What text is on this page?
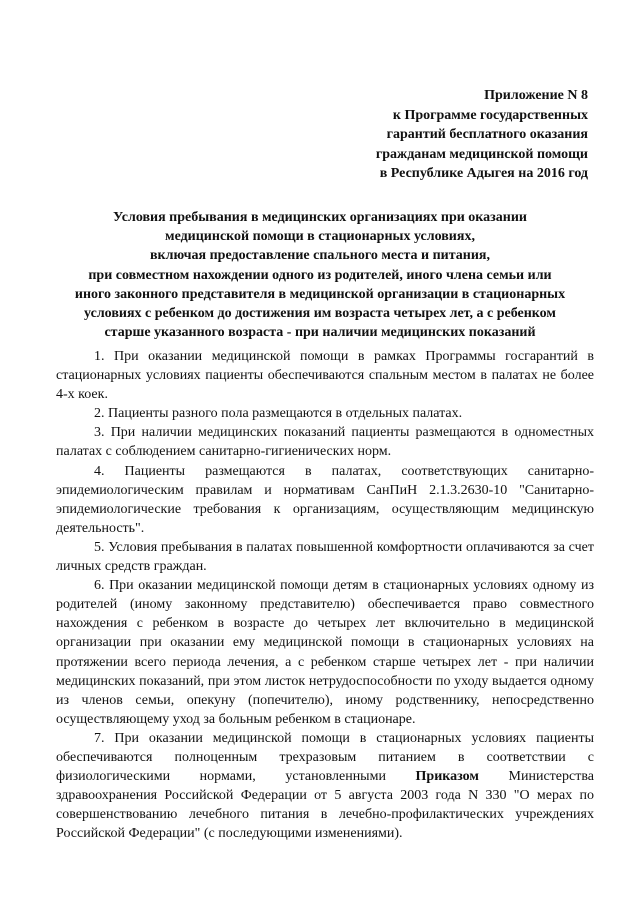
Приложение N 8
к Программе государственных
гарантий бесплатного оказания
гражданам медицинской помощи
в Республике Адыгея на 2016 год
Условия пребывания в медицинских организациях при оказании
медицинской помощи в стационарных условиях,
включая предоставление спального места и питания,
при совместном нахождении одного из родителей, иного члена семьи или
иного законного представителя в медицинской организации в стационарных
условиях с ребенком до достижения им возраста четырех лет, а с ребенком
старше указанного возраста - при наличии медицинских показаний

1. При оказании медицинской помощи в рамках Программы госгарантий в стационарных условиях пациенты обеспечиваются спальным местом в палатах не более 4-х коек.

2. Пациенты разного пола размещаются в отдельных палатах.

3. При наличии медицинских показаний пациенты размещаются в одноместных палатах с соблюдением санитарно-гигиенических норм.

4. Пациенты размещаются в палатах, соответствующих санитарно-эпидемиологическим правилам и нормативам СанПиН 2.1.3.2630-10 "Санитарно-эпидемиологические требования к организациям, осуществляющим медицинскую деятельность".

5. Условия пребывания в палатах повышенной комфортности оплачиваются за счет личных средств граждан.

6. При оказании медицинской помощи детям в стационарных условиях одному из родителей (иному законному представителю) обеспечивается право совместного нахождения с ребенком в возрасте до четырех лет включительно в медицинской организации при оказании ему медицинской помощи в стационарных условиях на протяжении всего периода лечения, а с ребенком старше четырех лет - при наличии медицинских показаний, при этом листок нетрудоспособности по уходу выдается одному из членов семьи, опекуну (попечителю), иному родственнику, непосредственно осуществляющему уход за больным ребенком в стационаре.

7. При оказании медицинской помощи в стационарных условиях пациенты обеспечиваются полноценным трехразовым питанием в соответствии с физиологическими нормами, установленными Приказом Министерства здравоохранения Российской Федерации от 5 августа 2003 года N 330 "О мерах по совершенствованию лечебного питания в лечебно-профилактических учреждениях Российской Федерации" (с последующими изменениями).
